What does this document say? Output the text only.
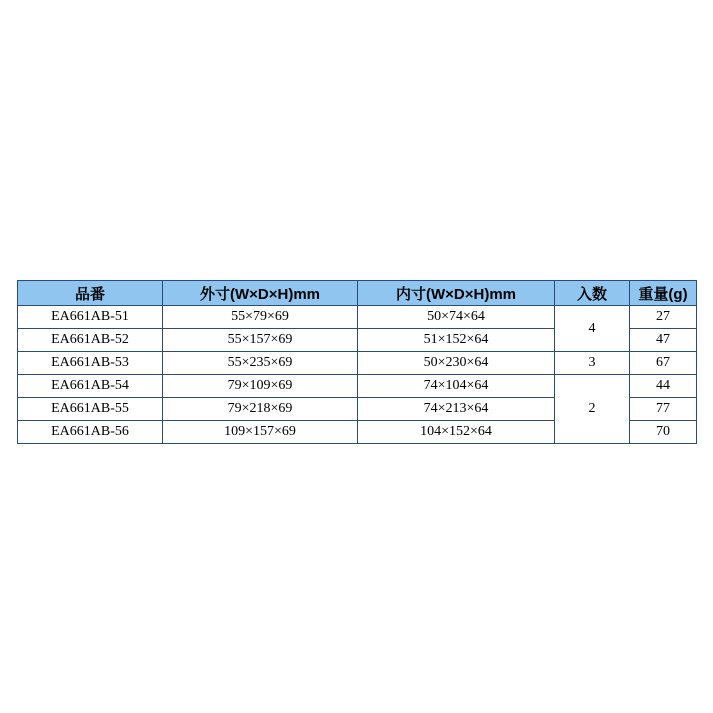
品番	外寸(W×D×H)mm	内寸(W×D×H)mm	入数	重量(g)
EA661AB-51	55×79×69	50×74×64	4	27
EA661AB-52	55×157×69	51×152×64		47
EA661AB-53	55×235×69	50×230×64	3	67
EA661AB-54	79×109×69	74×104×64	2	44
EA661AB-55	79×218×69	74×213×64		77
EA661AB-56	109×157×69	104×152×64		70
